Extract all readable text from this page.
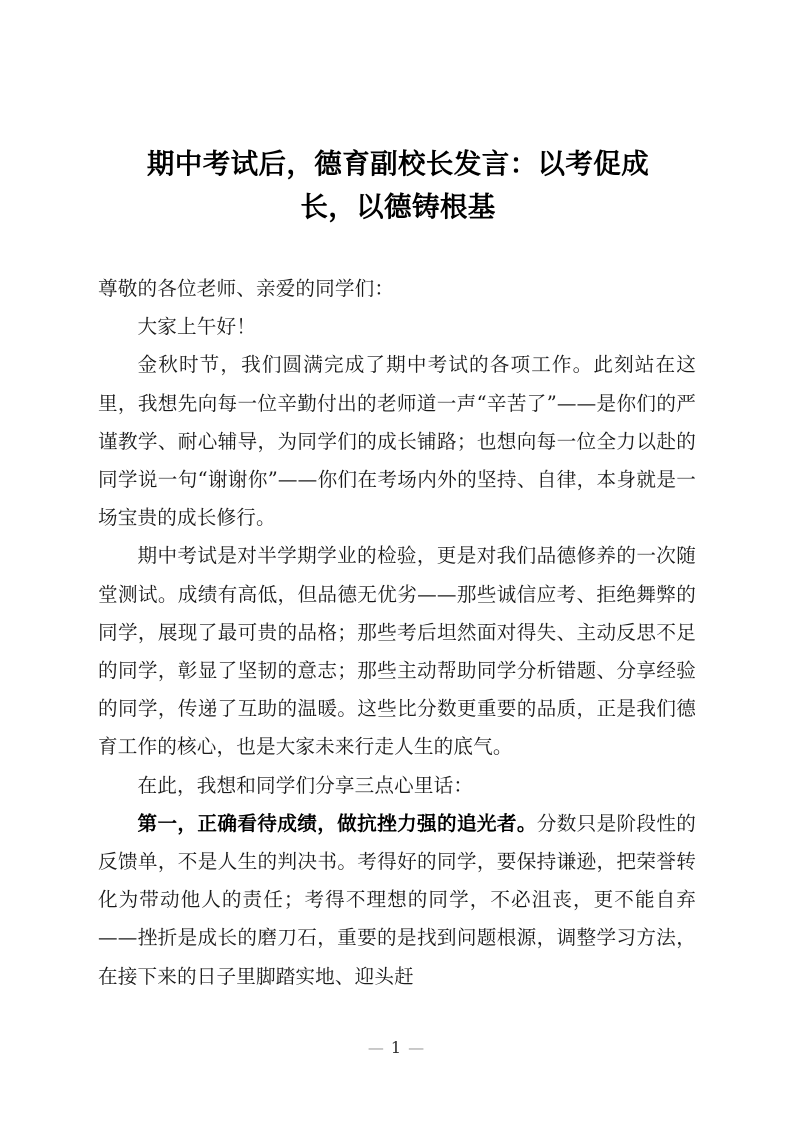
期中考试后，德育副校长发言：以考促成
长，以德铸根基

尊敬的各位老师、亲爱的同学们：

大家上午好！

金秋时节，我们圆满完成了期中考试的各项工作。此刻站在这里，我想先向每一位辛勤付出的老师道一声“辛苦了”——是你们的严谨教学、耐心辅导，为同学们的成长铺路；也想向每一位全力以赴的同学说一句“谢谢你”——你们在考场内外的坚持、自律，本身就是一场宝贵的成长修行。

期中考试是对半学期学业的检验，更是对我们品德修养的一次随堂测试。成绩有高低，但品德无优劣——那些诚信应考、拒绝舞弊的同学，展现了最可贵的品格；那些考后坦然面对得失、主动反思不足的同学，彰显了坚韧的意志；那些主动帮助同学分析错题、分享经验的同学，传递了互助的温暖。这些比分数更重要的品质，正是我们德育工作的核心，也是大家未来行走人生的底气。

在此，我想和同学们分享三点心里话：

第一，正确看待成绩，做抗挫力强的追光者。分数只是阶段性的反馈单，不是人生的判决书。考得好的同学，要保持谦逊，把荣誉转化为带动他人的责任；考得不理想的同学，不必沮丧，更不能自弃——挫折是成长的磨刀石，重要的是找到问题根源，调整学习方法，在接下来的日子里脚踏实地、迎头赶

— 1 —
